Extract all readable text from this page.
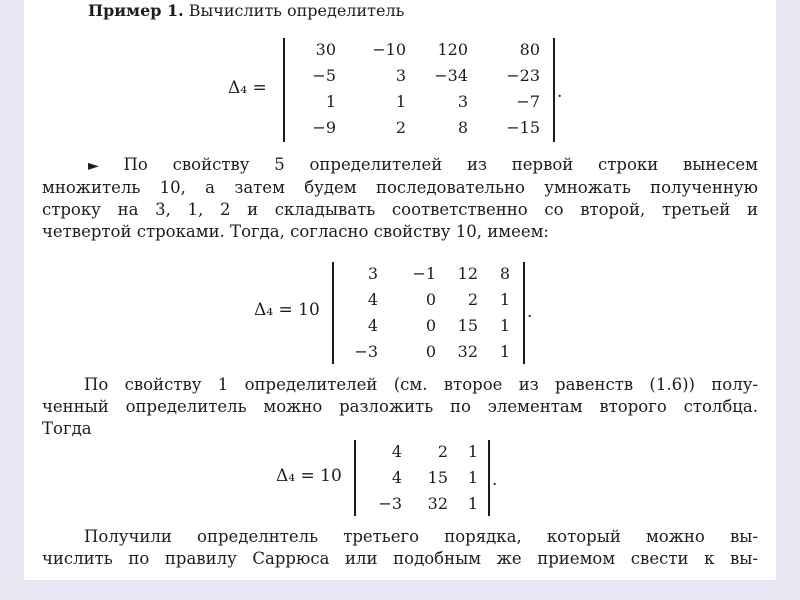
Пример 1. Вычислить определитель
Δ₄ =
30	−10	120	80
−5	3	−34	−23
1	1	3	−7
−9	2	8	−15
.
► По свойству 5 определителей из первой строки вынесем
множитель 10, а затем будем последовательно умножать полученную
строку на 3, 1, 2 и складывать соответственно со второй, третьей и
четвертой строками. Тогда, согласно свойству 10, имеем:
Δ₄ = 10
3	−1	12	8
4	0	2	1
4	0	15	1
−3	0	32	1
.
По свойству 1 определителей (см. второе из равенств (1.6)) полу-
ченный определитель можно разложить по элементам второго столбца.
Тогда
Δ₄ = 10
4	2	1
4	15	1
−3	32	1
.
Получили определнтель третьего порядка, который можно вы-
числить по правилу Саррюса или подобным же приемом свести к вы-
